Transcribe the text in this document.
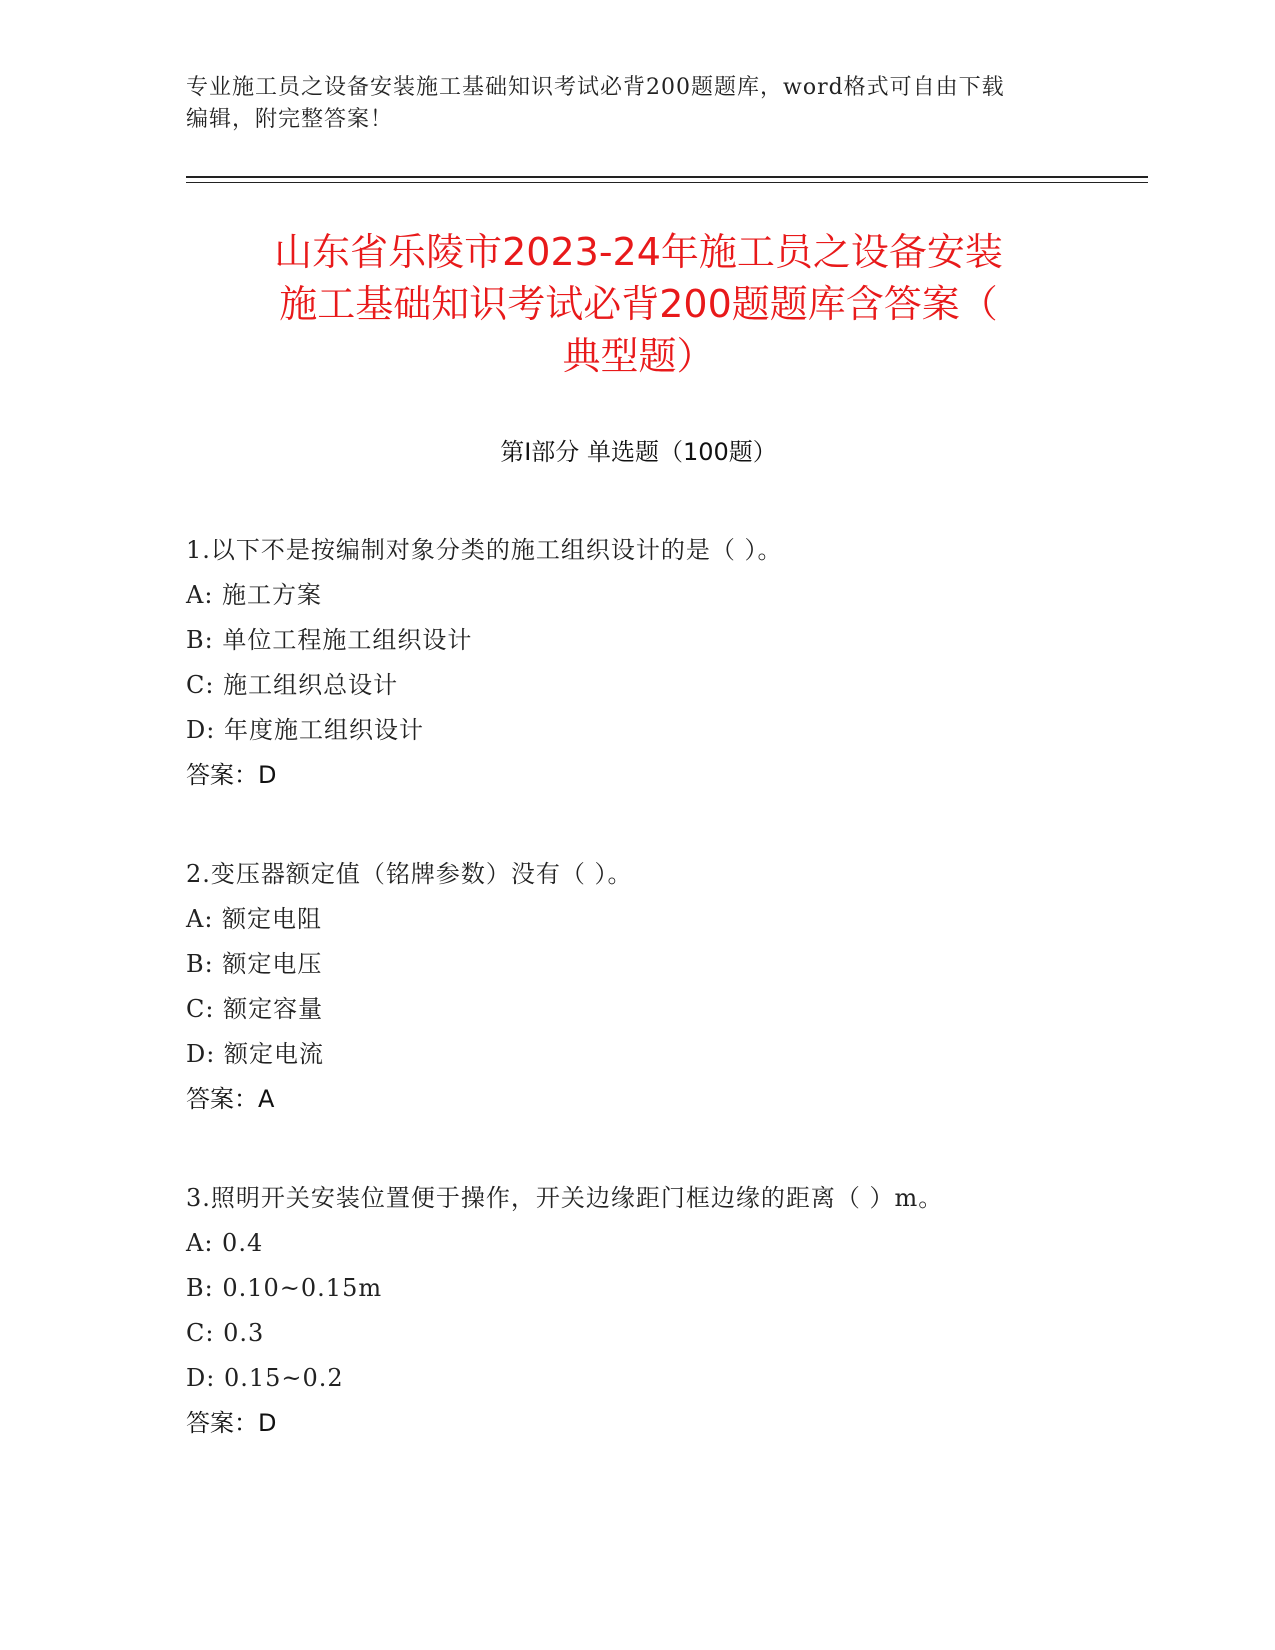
专业施工员之设备安装施工基础知识考试必背200题题库，word格式可自由下载
编辑，附完整答案！
山东省乐陵市2023-24年施工员之设备安装
施工基础知识考试必背200题题库含答案（
典型题）
第Ⅰ部分 单选题（100题）
1.以下不是按编制对象分类的施工组织设计的是（ ）。
A: 施工方案
B: 单位工程施工组织设计
C: 施工组织总设计
D: 年度施工组织设计
答案：D
2.变压器额定值（铭牌参数）没有（ ）。
A: 额定电阻
B: 额定电压
C: 额定容量
D: 额定电流
答案：A
3.照明开关安装位置便于操作，开关边缘距门框边缘的距离（ ）m。
A: 0.4
B: 0.10~0.15m
C: 0.3
D: 0.15~0.2
答案：D
